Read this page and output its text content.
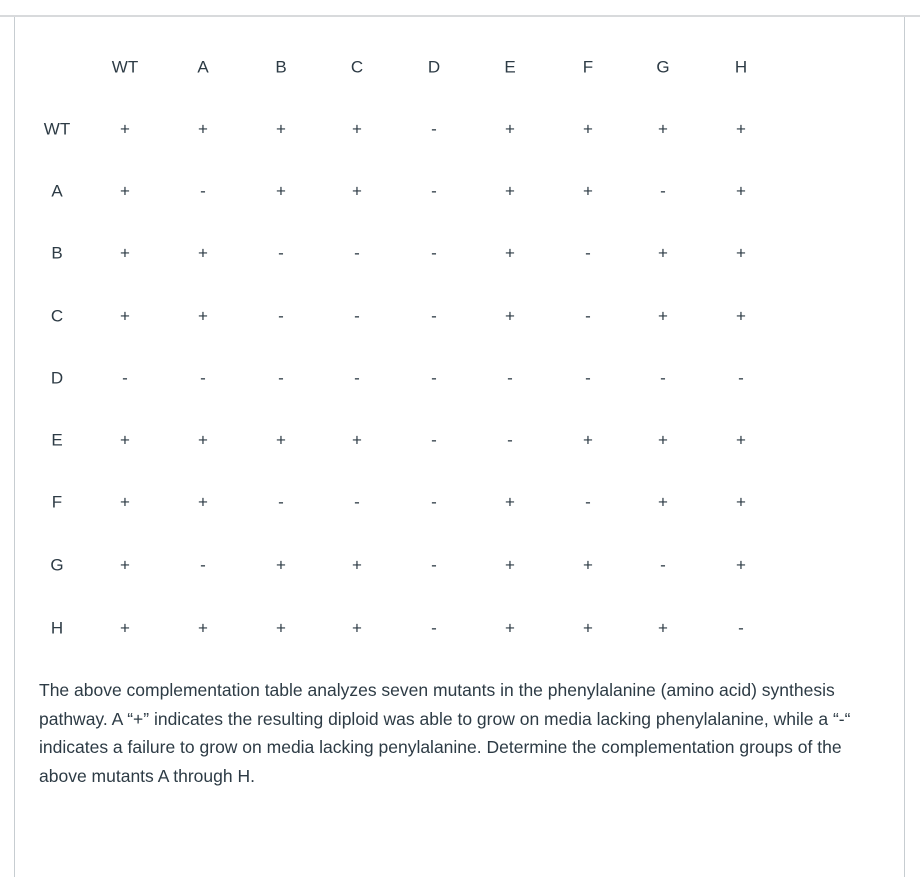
WT	A	B	C	D	E	F	G	H
WT	+	+	+	+	-	+	+	+	+
A	+	-	+	+	-	+	+	-	+
B	+	+	-	-	-	+	-	+	+
C	+	+	-	-	-	+	-	+	+
D	-	-	-	-	-	-	-	-	-
E	+	+	+	+	-	-	+	+	+
F	+	+	-	-	-	+	-	+	+
G	+	-	+	+	-	+	+	-	+
H	+	+	+	+	-	+	+	+	-

The above complementation table analyzes seven mutants in the phenylalanine (amino acid) synthesis pathway. A “+” indicates the resulting diploid was able to grow on media lacking phenylalanine, while a “-“ indicates a failure to grow on media lacking penylalanine. Determine the complementation groups of the above mutants A through H.
